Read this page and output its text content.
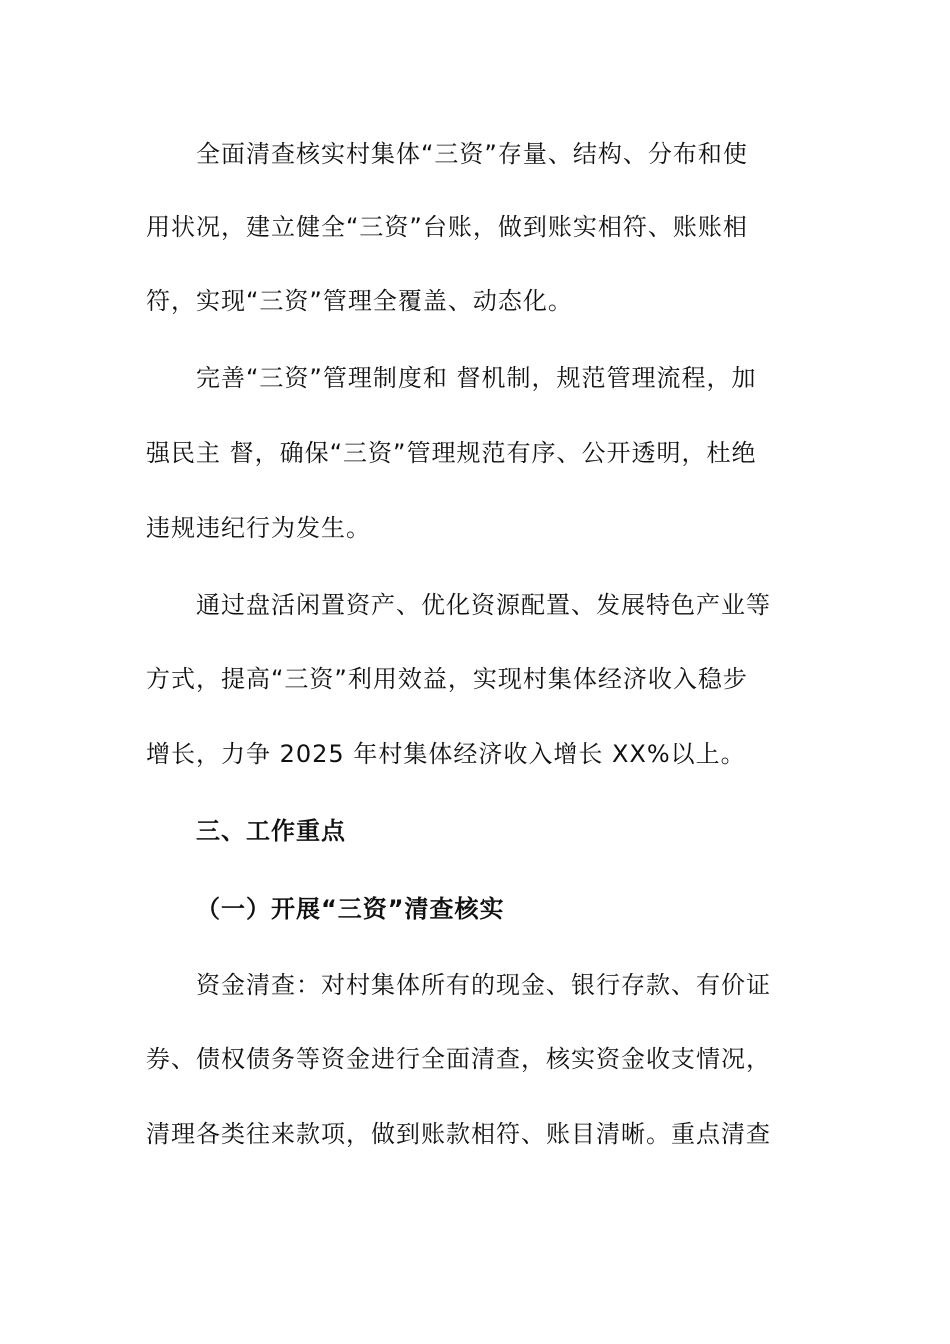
全面清查核实村集体“三资”存量、结构、分布和使
用状况，建立健全“三资”台账，做到账实相符、账账相
符，实现“三资”管理全覆盖、动态化。
完善“三资”管理制度和 督机制，规范管理流程，加
强民主 督，确保“三资”管理规范有序、公开透明，杜绝
违规违纪行为发生。
通过盘活闲置资产、优化资源配置、发展特色产业等
方式，提高“三资”利用效益，实现村集体经济收入稳步
增长，力争 2025 年村集体经济收入增长 XX%以上。
三、工作重点
（一）开展“三资”清查核实
资金清查：对村集体所有的现金、银行存款、有价证
券、债权债务等资金进行全面清查，核实资金收支情况，
清理各类往来款项，做到账款相符、账目清晰。重点清查
